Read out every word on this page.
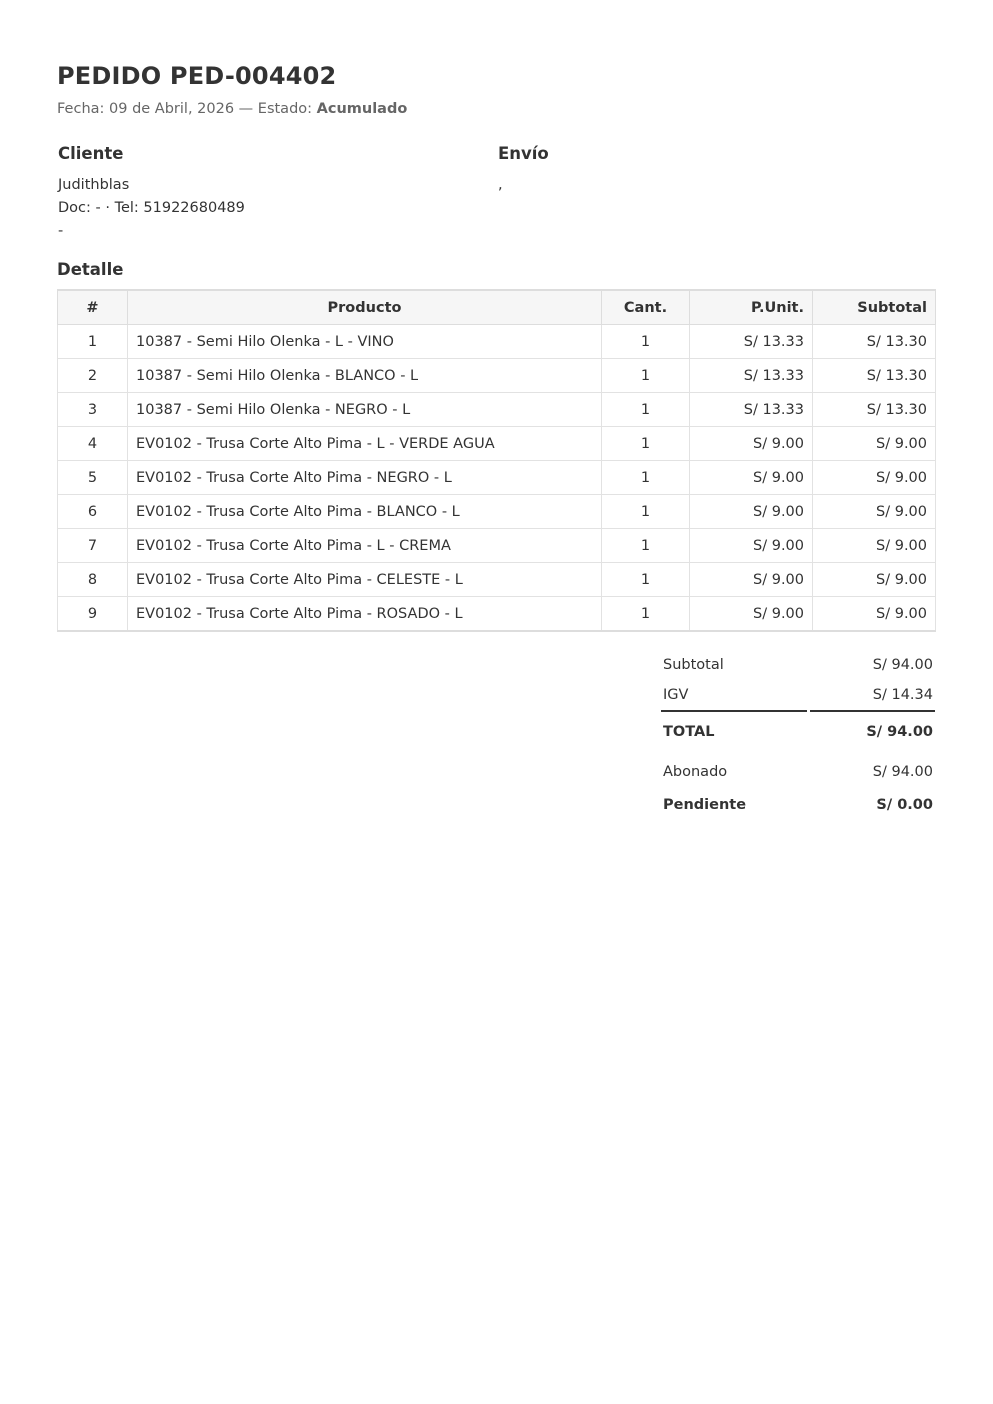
PEDIDO PED-004402
Fecha: 09 de Abril, 2026 — Estado: Acumulado
Cliente
Judithblas
Doc: - · Tel: 51922680489
-
Envío
,
Detalle
#	Producto	Cant.	P.Unit.	Subtotal
1	10387 - Semi Hilo Olenka - L - VINO	1	S/ 13.33	S/ 13.30
2	10387 - Semi Hilo Olenka - BLANCO - L	1	S/ 13.33	S/ 13.30
3	10387 - Semi Hilo Olenka - NEGRO - L	1	S/ 13.33	S/ 13.30
4	EV0102 - Trusa Corte Alto Pima - L - VERDE AGUA	1	S/ 9.00	S/ 9.00
5	EV0102 - Trusa Corte Alto Pima - NEGRO - L	1	S/ 9.00	S/ 9.00
6	EV0102 - Trusa Corte Alto Pima - BLANCO - L	1	S/ 9.00	S/ 9.00
7	EV0102 - Trusa Corte Alto Pima - L - CREMA	1	S/ 9.00	S/ 9.00
8	EV0102 - Trusa Corte Alto Pima - CELESTE - L	1	S/ 9.00	S/ 9.00
9	EV0102 - Trusa Corte Alto Pima - ROSADO - L	1	S/ 9.00	S/ 9.00
Subtotal	S/ 94.00
IGV	S/ 14.34
TOTAL	S/ 94.00
Abonado	S/ 94.00
Pendiente	S/ 0.00
